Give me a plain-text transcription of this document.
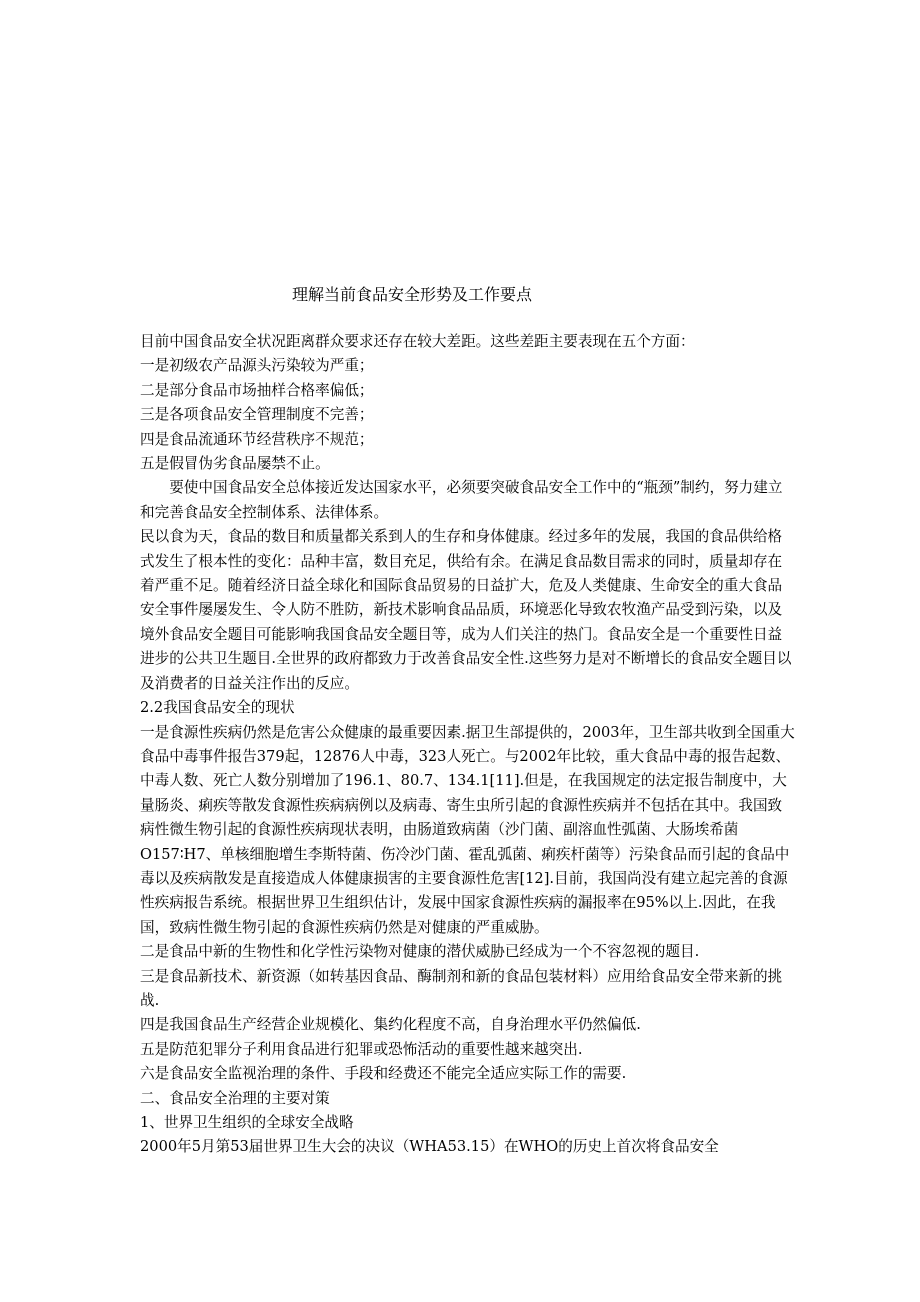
理解当前食品安全形势及工作要点

目前中国食品安全状况距离群众要求还存在较大差距。这些差距主要表现在五个方面：

一是初级农产品源头污染较为严重；

二是部分食品市场抽样合格率偏低；

三是各项食品安全管理制度不完善；

四是食品流通环节经营秩序不规范；

五是假冒伪劣食品屡禁不止。

要使中国食品安全总体接近发达国家水平，必须要突破食品安全工作中的“瓶颈”制约，努力建立和完善食品安全控制体系、法律体系。

民以食为天，食品的数目和质量都关系到人的生存和身体健康。经过多年的发展，我国的食品供给格式发生了根本性的变化：品种丰富，数目充足，供给有余。在满足食品数目需求的同时，质量却存在着严重不足。随着经济日益全球化和国际食品贸易的日益扩大，危及人类健康、生命安全的重大食品安全事件屡屡发生、令人防不胜防，新技术影响食品品质，环境恶化导致农牧渔产品受到污染，以及境外食品安全题目可能影响我国食品安全题目等，成为人们关注的热门。食品安全是一个重要性日益进步的公共卫生题目.全世界的政府都致力于改善食品安全性.这些努力是对不断增长的食品安全题目以及消费者的日益关注作出的反应。

2.2我国食品安全的现状

一是食源性疾病仍然是危害公众健康的最重要因素.据卫生部提供的，2003年，卫生部共收到全国重大食品中毒事件报告379起，12876人中毒，323人死亡。与2002年比较，重大食品中毒的报告起数、中毒人数、死亡人数分别增加了196.1、80.7、134.1[11].但是，在我国规定的法定报告制度中，大量肠炎、痢疾等散发食源性疾病病例以及病毒、寄生虫所引起的食源性疾病并不包括在其中。我国致病性微生物引起的食源性疾病现状表明，由肠道致病菌（沙门菌、副溶血性弧菌、大肠埃希菌O157∶H7、单核细胞增生李斯特菌、伤冷沙门菌、霍乱弧菌、痢疾杆菌等）污染食品而引起的食品中毒以及疾病散发是直接造成人体健康损害的主要食源性危害[12].目前，我国尚没有建立起完善的食源性疾病报告系统。根据世界卫生组织估计，发展中国家食源性疾病的漏报率在95%以上.因此，在我国，致病性微生物引起的食源性疾病仍然是对健康的严重威胁。

二是食品中新的生物性和化学性污染物对健康的潜伏威胁已经成为一个不容忽视的题目.

三是食品新技术、新资源（如转基因食品、酶制剂和新的食品包装材料）应用给食品安全带来新的挑战.

四是我国食品生产经营企业规模化、集约化程度不高，自身治理水平仍然偏低.

五是防范犯罪分子利用食品进行犯罪或恐怖活动的重要性越来越突出.

六是食品安全监视治理的条件、手段和经费还不能完全适应实际工作的需要.

二、食品安全治理的主要对策

1、世界卫生组织的全球安全战略

2000年5月第53届世界卫生大会的决议（WHA53.15）在WHO的历史上首次将食品安全
